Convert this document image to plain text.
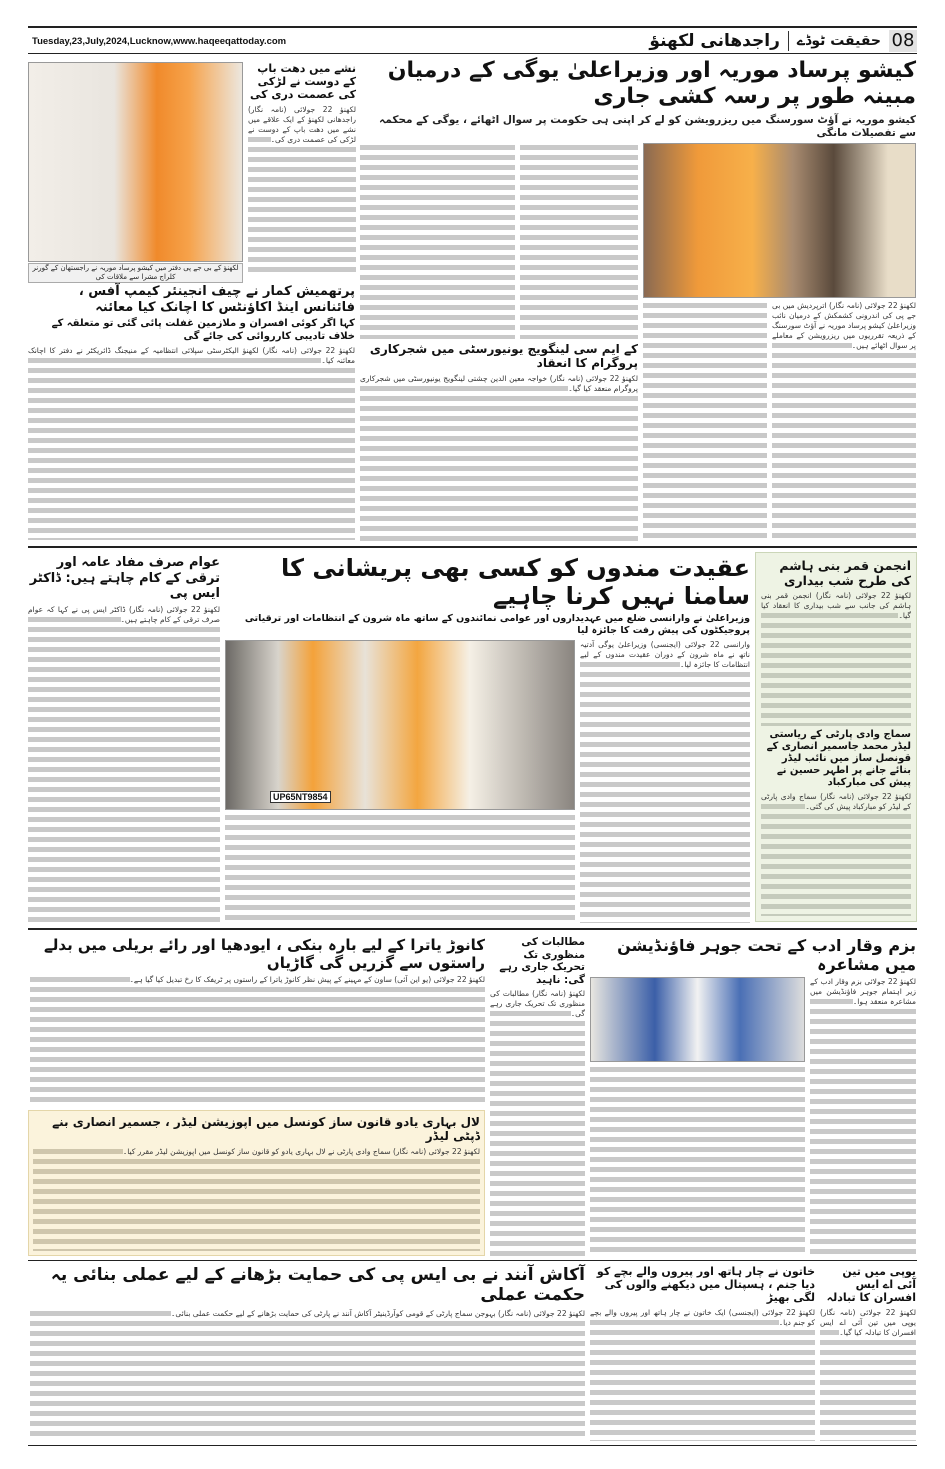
08
حقیقت ٹوڈے
راجدھانی لکھنؤ
Tuesday,23,July,2024,Lucknow,www.haqeeqattoday.com
لکھنؤ کے بی جے پی دفتر میں کیشو پرساد موریہ نے راجستھان کے گورنر کلراج مشرا سے ملاقات کی
نشے میں دھت باپ کے دوست نے لڑکی کی عصمت دری کی
لکھنؤ 22 جولائی (نامہ نگار) راجدھانی لکھنؤ کے ایک علاقے میں نشے میں دھت باپ کے دوست نے لڑکی کی عصمت دری کی۔
پرتھمیش کمار نے چیف انجینئر کیمپ آفس ، فائنانس اینڈ اکاؤنٹس کا اچانک کیا معائنہ
کہا اگر کوئی افسران و ملازمین غفلت پائی گئی تو متعلقہ کے خلاف تادیبی کارروائی کی جائے گی
لکھنؤ 22 جولائی (نامہ نگار) لکھنؤ الیکٹرسٹی سپلائی انتظامیہ کے منیجنگ ڈائریکٹر نے دفتر کا اچانک معائنہ کیا۔
کیشو پرساد موریہ اور وزیراعلیٰ یوگی کے درمیان مبینہ طور پر رسہ کشی جاری
کیشو موریہ نے آؤٹ سورسنگ میں ریزرویشن کو لے کر اپنی ہی حکومت پر سوال اٹھائے ، یوگی کے محکمہ سے تفصیلات مانگی
لکھنؤ 22 جولائی (نامہ نگار) اترپردیش میں بی جے پی کی اندرونی کشمکش کے درمیان نائب وزیراعلیٰ کیشو پرساد موریہ نے آؤٹ سورسنگ کے ذریعہ تقرریوں میں ریزرویشن کے معاملے پر سوال اٹھائے ہیں۔
کے ایم سی لینگویج یونیورسٹی میں شجرکاری پروگرام کا انعقاد
لکھنؤ 22 جولائی (نامہ نگار) خواجہ معین الدین چشتی لینگویج یونیورسٹی میں شجرکاری پروگرام منعقد کیا گیا۔
انجمن قمر بنی ہاشم کی طرح شب بیداری
لکھنؤ 22 جولائی (نامہ نگار) انجمن قمر بنی ہاشم کی جانب سے شب بیداری کا انعقاد کیا گیا۔
سماج وادی پارٹی کے ریاستی لیڈر محمد جاسمیر انصاری کے قونصل ساز میں نائب لیڈر بنائے جانے پر اطہر حسین نے پیش کی مبارکباد
لکھنؤ 22 جولائی (نامہ نگار) سماج وادی پارٹی کے لیڈر کو مبارکباد پیش کی گئی۔
عقیدت مندوں کو کسی بھی پریشانی کا سامنا نہیں کرنا چاہیے
وزیراعلیٰ نے وارانسی ضلع میں عہدیداروں اور عوامی نمائندوں کے ساتھ ماہ شرون کے انتظامات اور ترقیاتی پروجیکٹوں کی پیش رفت کا جائزہ لیا
وارانسی 22 جولائی (ایجنسی) وزیراعلیٰ یوگی آدتیہ ناتھ نے ماہ شرون کے دوران عقیدت مندوں کے لیے انتظامات کا جائزہ لیا۔
UP65NT9854
عوام صرف مفاد عامہ اور ترقی کے کام چاہتے ہیں: ڈاکٹر ایس پی
لکھنؤ 22 جولائی (نامہ نگار) ڈاکٹر ایس پی نے کہا کہ عوام صرف ترقی کے کام چاہتے ہیں۔
بزم وقار ادب کے تحت جوہر فاؤنڈیشن میں مشاعرہ
لکھنؤ 22 جولائی بزم وقار ادب کے زیر اہتمام جوہر فاؤنڈیشن میں مشاعرہ منعقد ہوا۔
مطالبات کی منظوری تک تحریک جاری رہے گی: ناہید
لکھنؤ (نامہ نگار) مطالبات کی منظوری تک تحریک جاری رہے گی۔
کانوڑ یاترا کے لیے بارہ بنکی ، ایودھیا اور رائے بریلی میں بدلے راستوں سے گزریں گی گاڑیاں
لکھنؤ 22 جولائی (یو این آئی) ساون کے مہینے کے پیش نظر کانوڑ یاترا کے راستوں پر ٹریفک کا رخ تبدیل کیا گیا ہے۔
لال بہاری یادو قانون ساز کونسل میں اپوزیشن لیڈر ، جسمیر انصاری بنے ڈپٹی لیڈر
لکھنؤ 22 جولائی (نامہ نگار) سماج وادی پارٹی نے لال بہاری یادو کو قانون ساز کونسل میں اپوزیشن لیڈر مقرر کیا۔
یوپی میں تین آئی اے ایس افسران کا تبادلہ
لکھنؤ 22 جولائی (نامہ نگار) یوپی میں تین آئی اے ایس افسران کا تبادلہ کیا گیا۔
خاتون نے چار ہاتھ اور پیروں والے بچے کو دیا جنم ، ہسپتال میں دیکھنے والوں کی لگی بھیڑ
لکھنؤ 22 جولائی (ایجنسی) ایک خاتون نے چار ہاتھ اور پیروں والے بچے کو جنم دیا۔
آکاش آنند نے بی ایس پی کی حمایت بڑھانے کے لیے عملی بنائی یہ حکمت عملی
لکھنؤ 22 جولائی (نامہ نگار) بہوجن سماج پارٹی کے قومی کوآرڈینیٹر آکاش آنند نے پارٹی کی حمایت بڑھانے کے لیے حکمت عملی بنائی۔
